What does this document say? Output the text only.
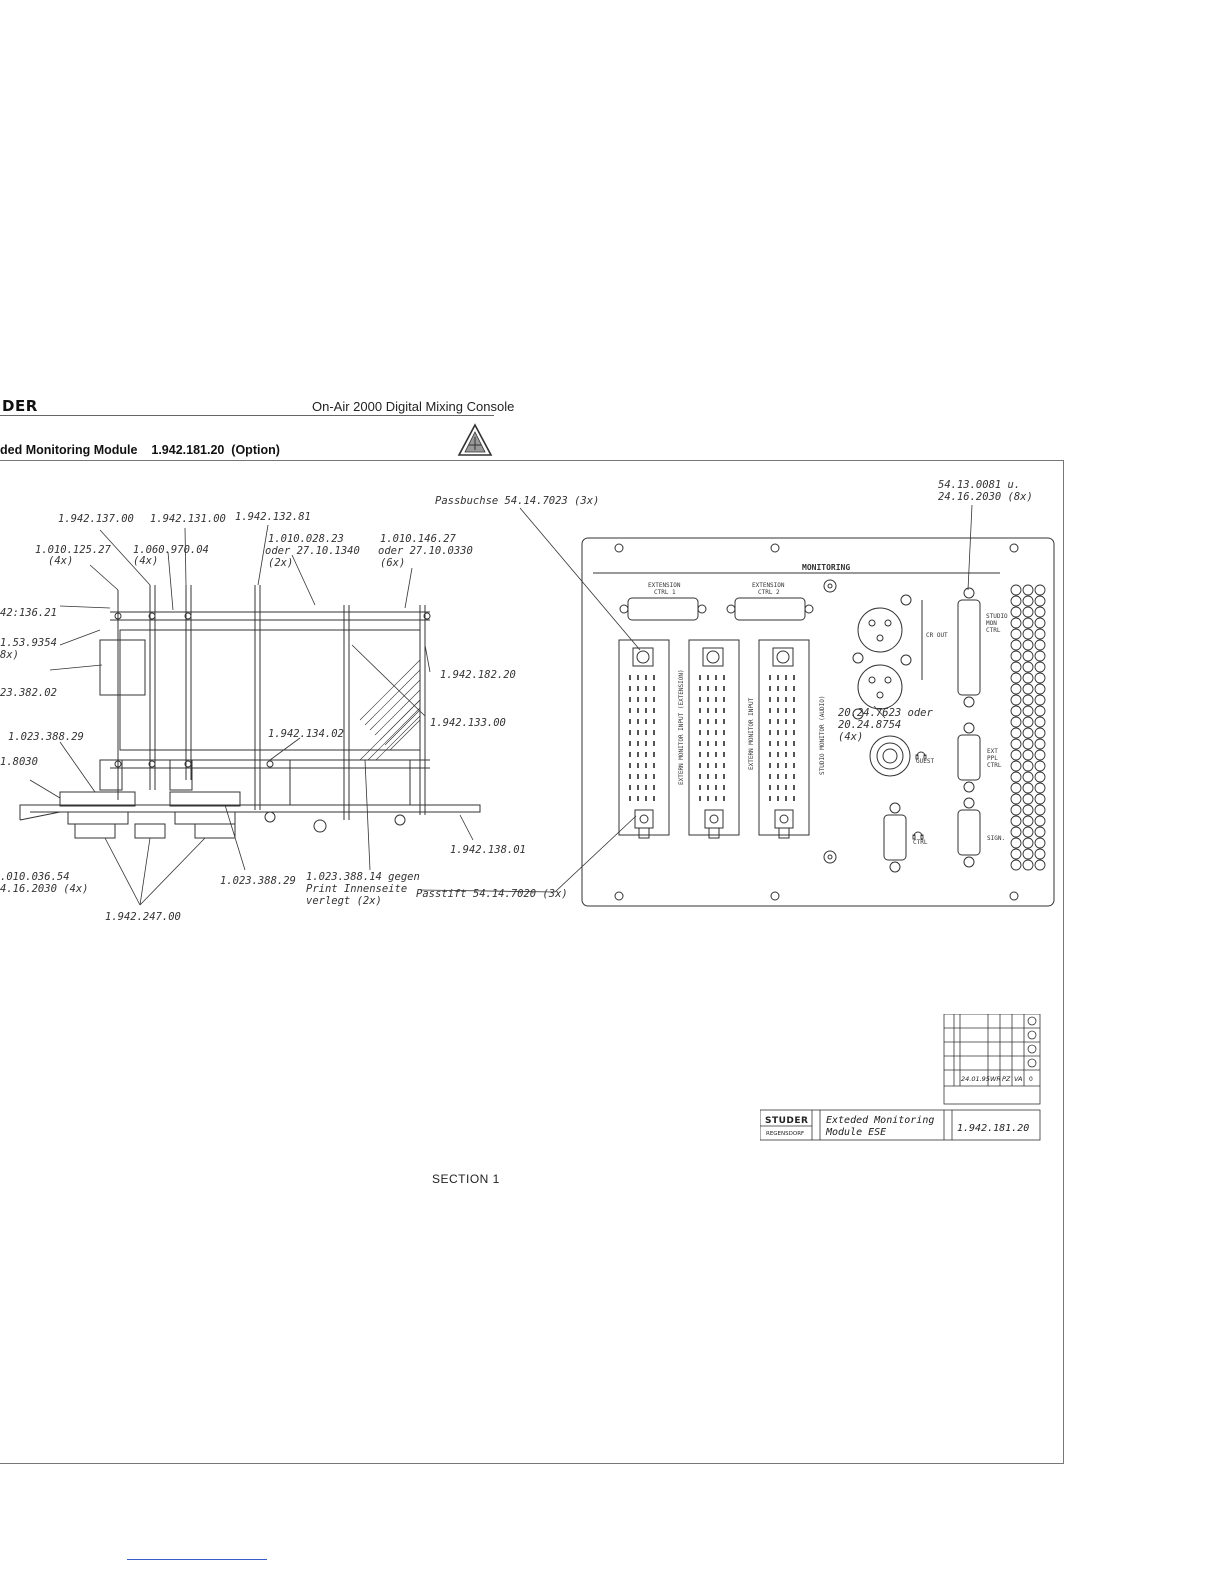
DER	On-Air 2000 Digital Mixing Console
ded Monitoring Module    1.942.181.20  (Option)
1.942.137.00 1.942.131.00 1.942.132.81
1.010.125.27
(4x)
1.060.970.04
(4x)
1.010.028.23
oder 27.10.1340
(2x)
1.010.146.27
oder 27.10.0330
(6x)
42:136.21
1.53.9354
8x)
23.382.02
1.942.182.20
1.942.133.00
1.023.388.29
1.8030
1.942.134.02
1.942.138.01
.010.036.54
4.16.2030 (4x)
1.023.388.29 1.023.388.14 gegen
Print Innenseite
verlegt (2x)
1.942.247.00
Passbuchse 54.14.7023 (3x)
54.13.0081 u.
24.16.2030 (8x)
20.24.7623 oder
20.24.8754
(4x)
Passtift 54.14.7020 (3x)
MONITORING
EXTENSION
CTRL 1
EXTENSION
CTRL 2
EXTERN MONITOR INPUT (EXTENSION)	EXTERN MONITOR INPUT	STUDIO MONITOR (AUDIO)
CR OUT
STUDIO
MON
CTRL
GUEST
EXT
PPL
CTRL
CTRL
SIGN.
STUDER
REGENSDORF
Exteded Monitoring
Module ESE	1.942.181.20
24.01.95 WR PZ VA 0
SECTION 1
